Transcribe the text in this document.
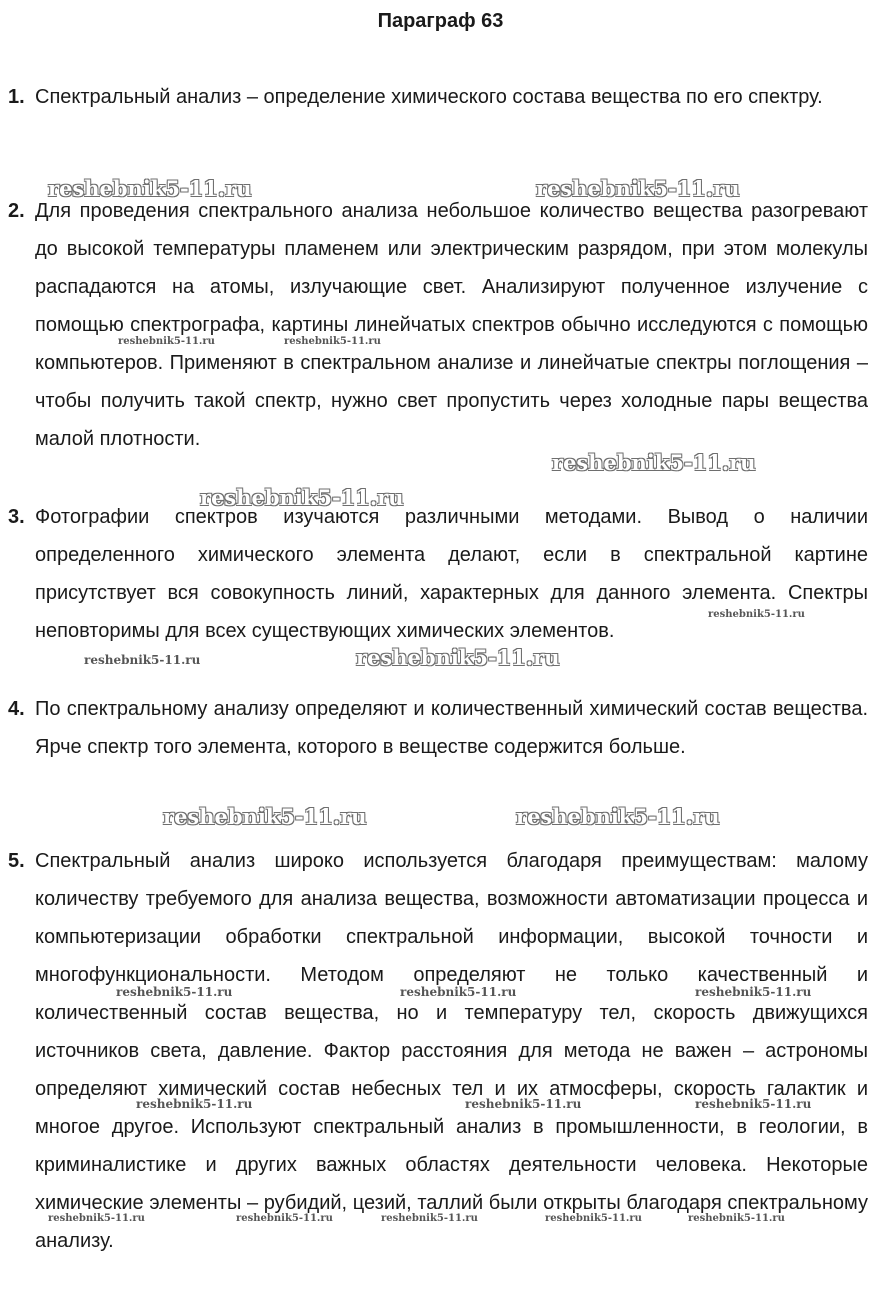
Параграф 63
1. Спектральный анализ – определение химического состава вещества по его спектру.
2. Для проведения спектрального анализа небольшое количество вещества разогревают до высокой температуры пламенем или электрическим разрядом, при этом молекулы распадаются на атомы, излучающие свет. Анализируют полученное излучение с помощью спектрографа, картины линейчатых спектров обычно исследуются с помощью компьютеров. Применяют в спектральном анализе и линейчатые спектры поглощения – чтобы получить такой спектр, нужно свет пропустить через холодные пары вещества малой плотности.
3. Фотографии спектров изучаются различными методами. Вывод о наличии определенного химического элемента делают, если в спектральной картине присутствует вся совокупность линий, характерных для данного элемента. Спектры неповторимы для всех существующих химических элементов.
4. По спектральному анализу определяют и количественный химический состав вещества. Ярче спектр того элемента, которого в веществе содержится больше.
5. Спектральный анализ широко используется благодаря преимуществам: малому количеству требуемого для анализа вещества, возможности автоматизации процесса и компьютеризации обработки спектральной информации, высокой точности и многофункциональности. Методом определяют не только качественный и количественный состав вещества, но и температуру тел, скорость движущихся источников света, давление. Фактор расстояния для метода не важен – астрономы определяют химический состав небесных тел и их атмосферы, скорость галактик и многое другое. Используют спектральный анализ в промышленности, в геологии, в криминалистике и других важных областях деятельности человека. Некоторые химические элементы – рубидий, цезий, таллий были открыты благодаря спектральному анализу.
reshebnik5-11.ru	reshebnik5-11.ru
reshebnik5-11.ru	reshebnik5-11.ru
reshebnik5-11.ru
reshebnik5-11.ru
reshebnik5-11.ru
reshebnik5-11.ru	reshebnik5-11.ru
reshebnik5-11.ru	reshebnik5-11.ru
reshebnik5-11.ru	reshebnik5-11.ru	reshebnik5-11.ru
reshebnik5-11.ru	reshebnik5-11.ru	reshebnik5-11.ru
reshebnik5-11.ru	reshebnik5-11.ru	reshebnik5-11.ru	reshebnik5-11.ru	reshebnik5-11.ru
